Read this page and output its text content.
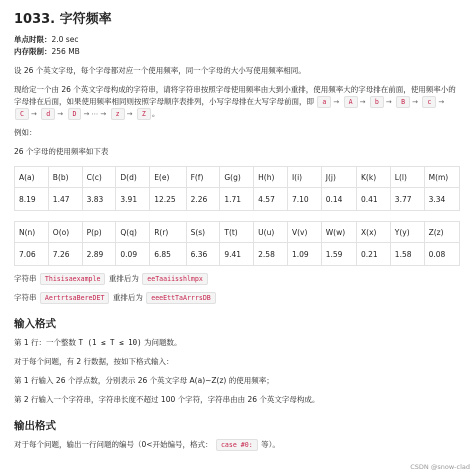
1033. 字符频率
单点时限：2.0 sec
内存限制：256 MB

设 26 个英文字母，每个字母都对应一个使用频率，同一个字母的大小写使用频率相同。

现给定一个由 26 个英文字母构成的字符串，请将字符串按照字母使用频率由大到小重排，使用频率大的字母排在前面，使用频率小的字母排在后面，如果使用频率相同则按照字母顺序表排列，小写字母排在大写字母前面，即 a → A → b → B → c → C → d → D → ⋯ → z → Z 。

例如：

26 个字母的使用频率如下表

A(a)	B(b)	C(c)	D(d)	E(e)	F(f)	G(g)	H(h)	I(i)	J(j)	K(k)	L(l)	M(m)
8.19	1.47	3.83	3.91	12.25	2.26	1.71	4.57	7.10	0.14	0.41	3.77	3.34

N(n)	O(o)	P(p)	Q(q)	R(r)	S(s)	T(t)	U(u)	V(v)	W(w)	X(x)	Y(y)	Z(z)
7.06	7.26	2.89	0.09	6.85	6.36	9.41	2.58	1.09	1.59	0.21	1.58	0.08
字符串 Thisisaexample 重排后为 eeTaaiisshlmpx
字符串 AertrtsaBereDET 重排后为 eeeEttTaArrrsDB
输入格式

第 1 行：一个整数 T (1 ≤ T ≤ 10) 为问题数。

对于每个问题，有 2 行数据，按如下格式输入：

第 1 行输入 26 个浮点数，分别表示 26 个英文字母 A(a)~Z(z) 的使用频率；

第 2 行输入一个字符串，字符串长度不超过 100 个字符，字符串由由 26 个英文字母构成。

输出格式

对于每个问题，输出一行问题的编号（0<开始编号，格式： case #0: 等）。

CSDN @snow-clad
